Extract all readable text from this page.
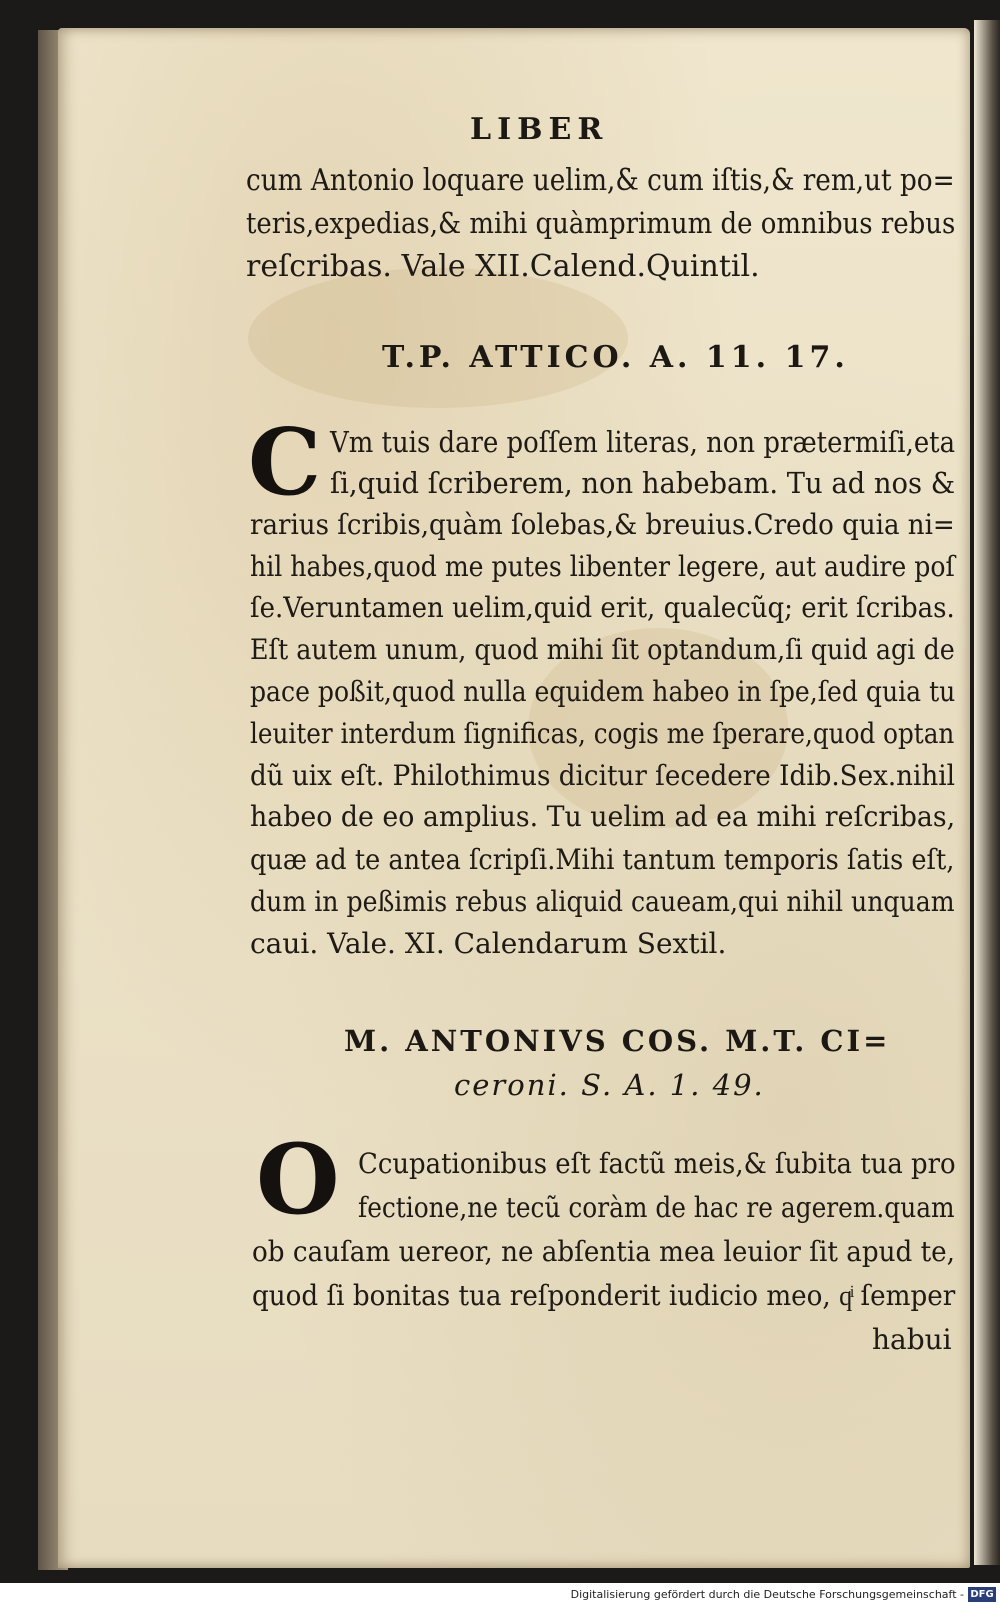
LIBER
cum Antonio loquare uelim,& cum iſtis,& rem,ut po=
teris,expedias,& mihi quàmprimum de omnibus rebus
reſcribas. Vale XII.Calend.Quintil.
T.P. ATTICO. A. 11. 17.
C Vm tuis dare poſſem literas, non prætermiſi,eta
ſi,quid ſcriberem, non habebam. Tu ad nos &
rarius ſcribis,quàm ſolebas,& breuius.Credo quia ni=
hil habes,quod me putes libenter legere, aut audire poſ
ſe.Veruntamen uelim,quid erit, qualecũq; erit ſcribas.
Eſt autem unum, quod mihi ſit optandum,ſi quid agi de
pace poßit,quod nulla equidem habeo in ſpe,ſed quia tu
leuiter interdum ſignificas, cogis me ſperare,quod optan
dũ uix eſt. Philothimus dicitur ſecedere Idib.Sex.nihil
habeo de eo amplius. Tu uelim ad ea mihi reſcribas,
quæ ad te antea ſcripſi.Mihi tantum temporis ſatis eſt,
dum in peßimis rebus aliquid caueam,qui nihil unquam
caui. Vale. XI. Calendarum Sextil.
M. ANTONIVS COS. M.T. CI=
ceroni. S. A. 1. 49.
O Ccupationibus eſt factũ meis,& ſubita tua pro
fectione,ne tecũ coràm de hac re agerem.quam
ob cauſam uereor, ne abſentia mea leuior ſit apud te,
quod ſi bonitas tua reſponderit iudicio meo, qͥ ſemper
habui
Digitalisierung gefördert durch die Deutsche Forschungsgemeinschaft - DFG
